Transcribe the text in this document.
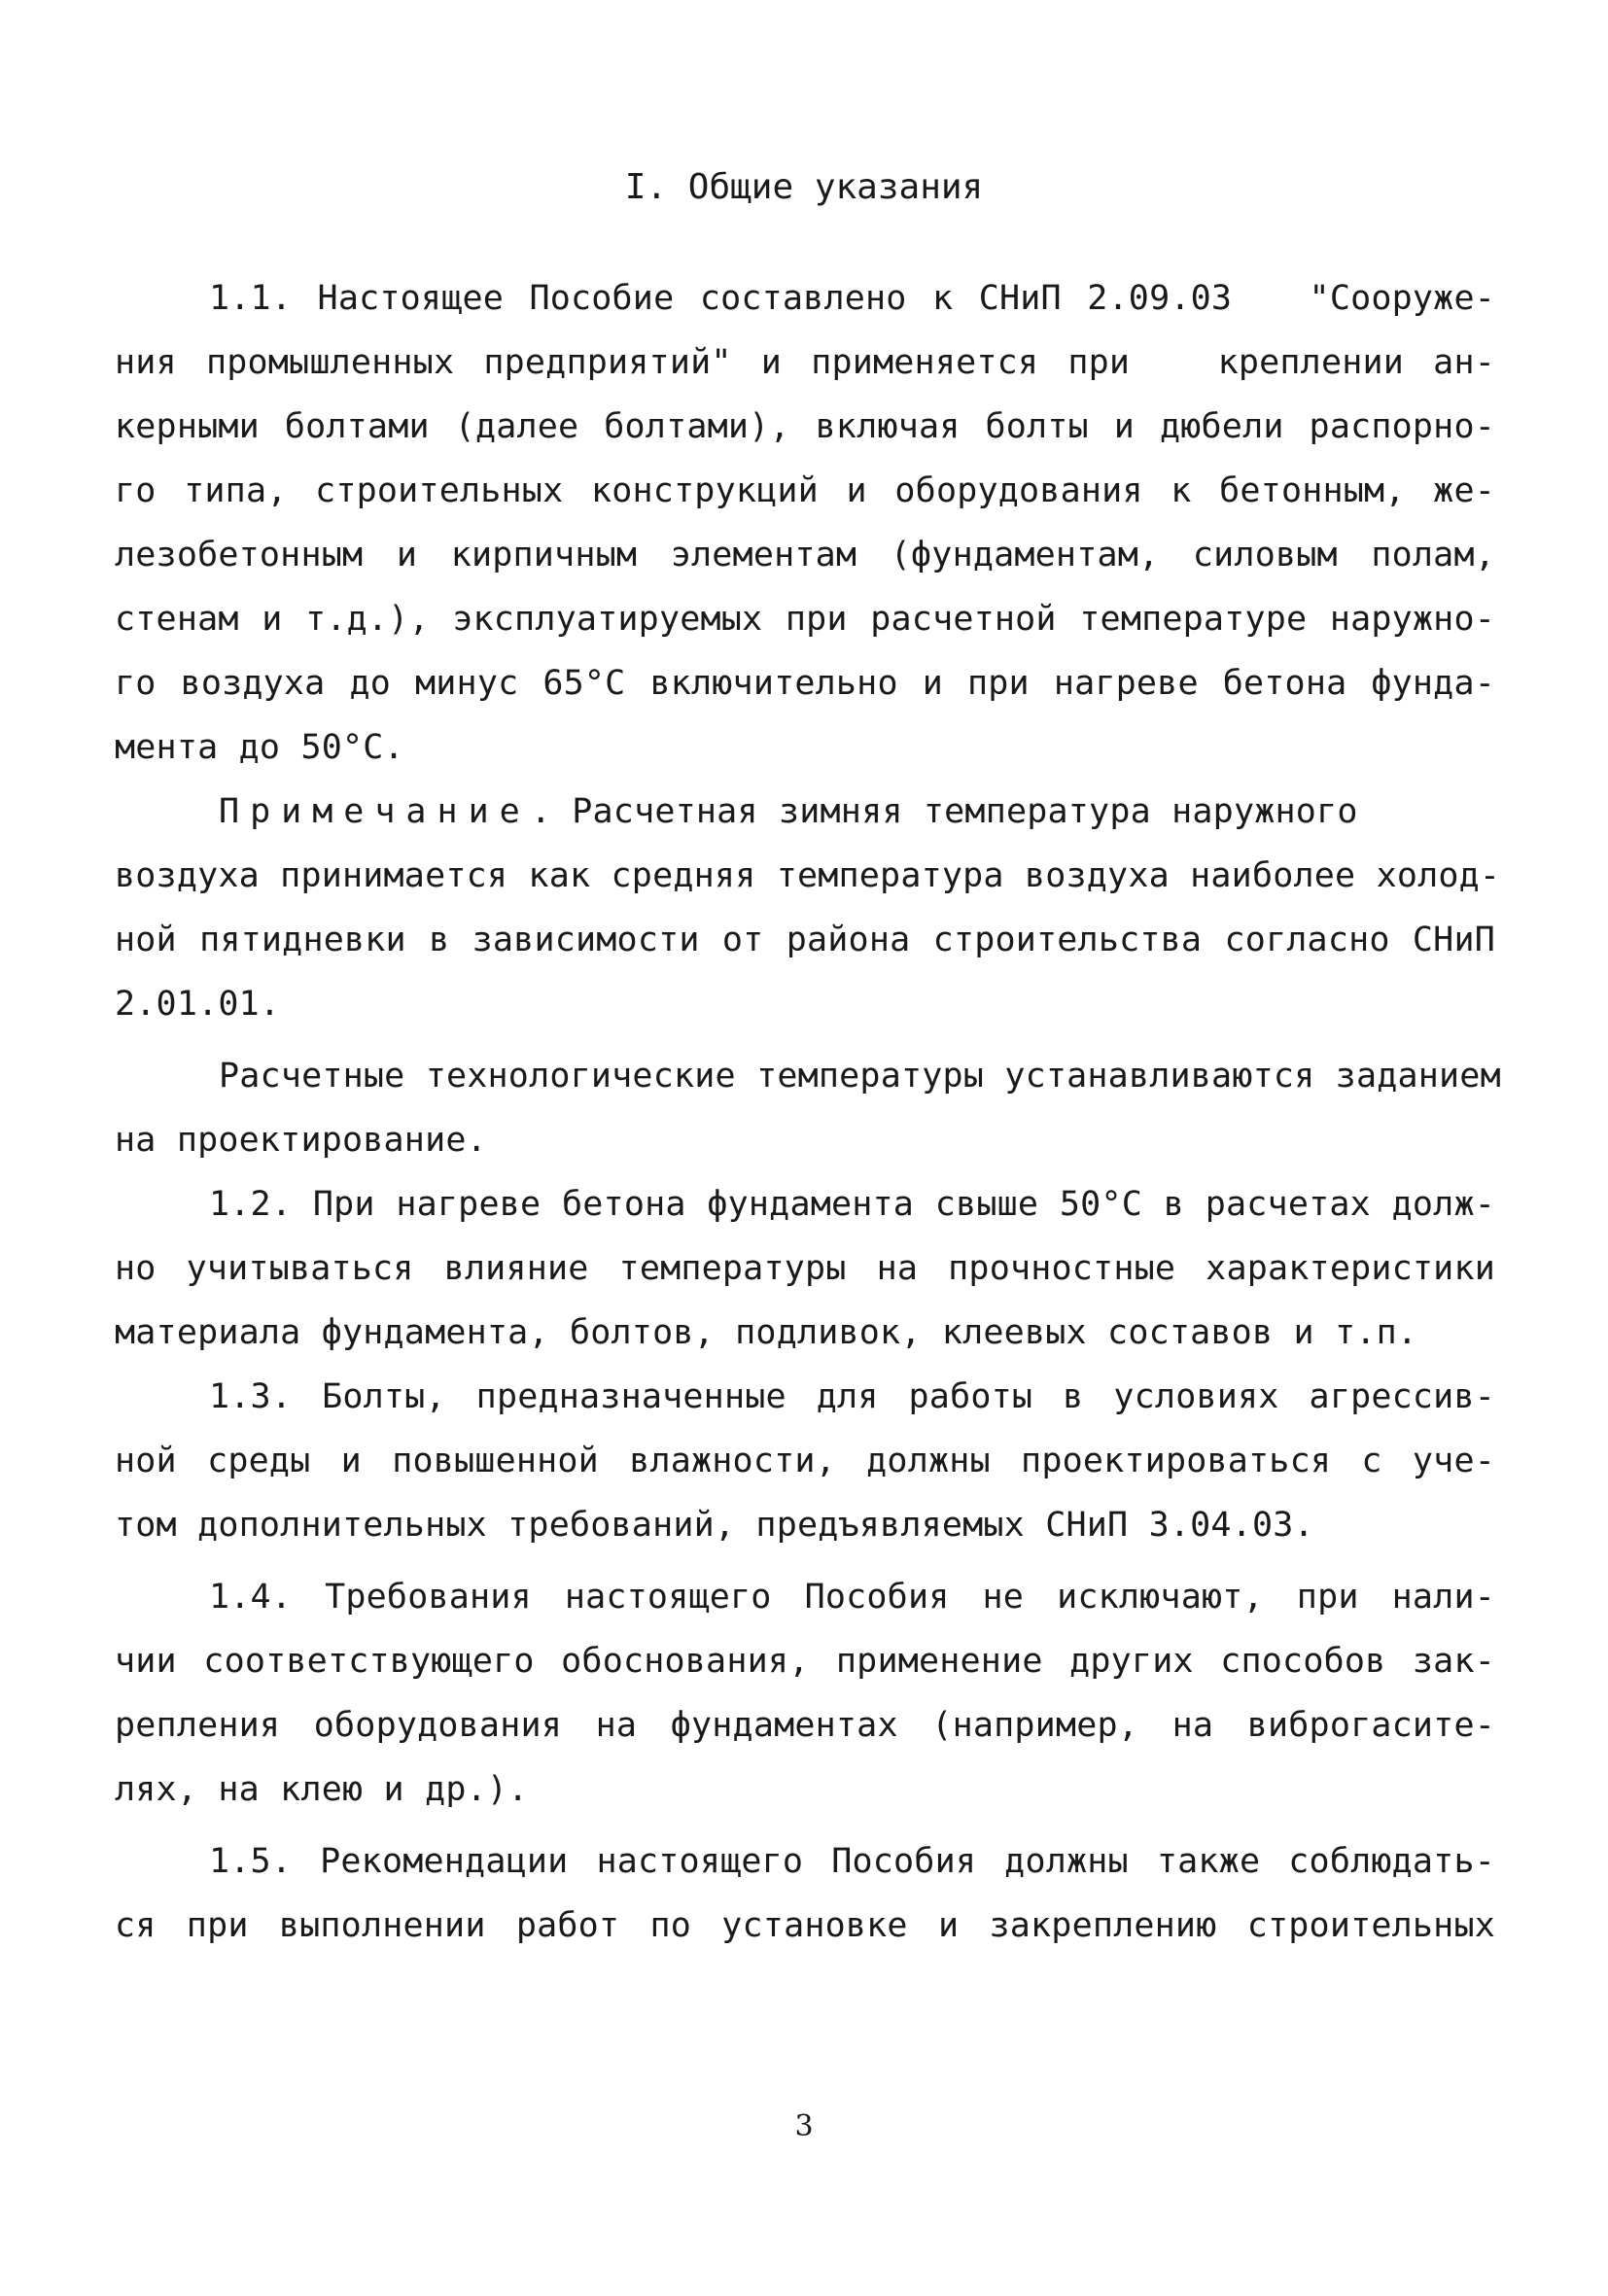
I. Общие указания
1.1. Настоящее Пособие составлено к СНиП 2.09.03   "Сооруже-
ния промышленных предприятий" и применяется при   креплении ан-
керными болтами (далее болтами), включая болты и дюбели распорно-
го типа, строительных конструкций и оборудования к бетонным, же-
лезобетонным и кирпичным элементам (фундаментам, силовым полам,
стенам и т.д.), эксплуатируемых при расчетной температуре наружно-
го воздуха до минус 65°С включительно и при нагреве бетона фунда-
мента до 50°С.
Примечание. Расчетная зимняя температура наружного
воздуха принимается как средняя температура воздуха наиболее холод-
ной пятидневки в зависимости от района строительства согласно СНиП
2.01.01.
Расчетные технологические температуры устанавливаются заданием
на проектирование.
1.2. При нагреве бетона фундамента свыше 50°С в расчетах долж-
но учитываться влияние температуры на прочностные характеристики
материала фундамента, болтов, подливок, клеевых составов и т.п.
1.3. Болты, предназначенные для работы в условиях агрессив-
ной среды и повышенной влажности, должны проектироваться с уче-
том дополнительных требований, предъявляемых СНиП 3.04.03.
1.4. Требования настоящего Пособия не исключают, при нали-
чии соответствующего обоснования, применение других способов зак-
репления оборудования на фундаментах (например, на виброгасите-
лях, на клею и др.).
1.5. Рекомендации настоящего Пособия должны также соблюдать-
ся при выполнении работ по установке и закреплению строительных
3
